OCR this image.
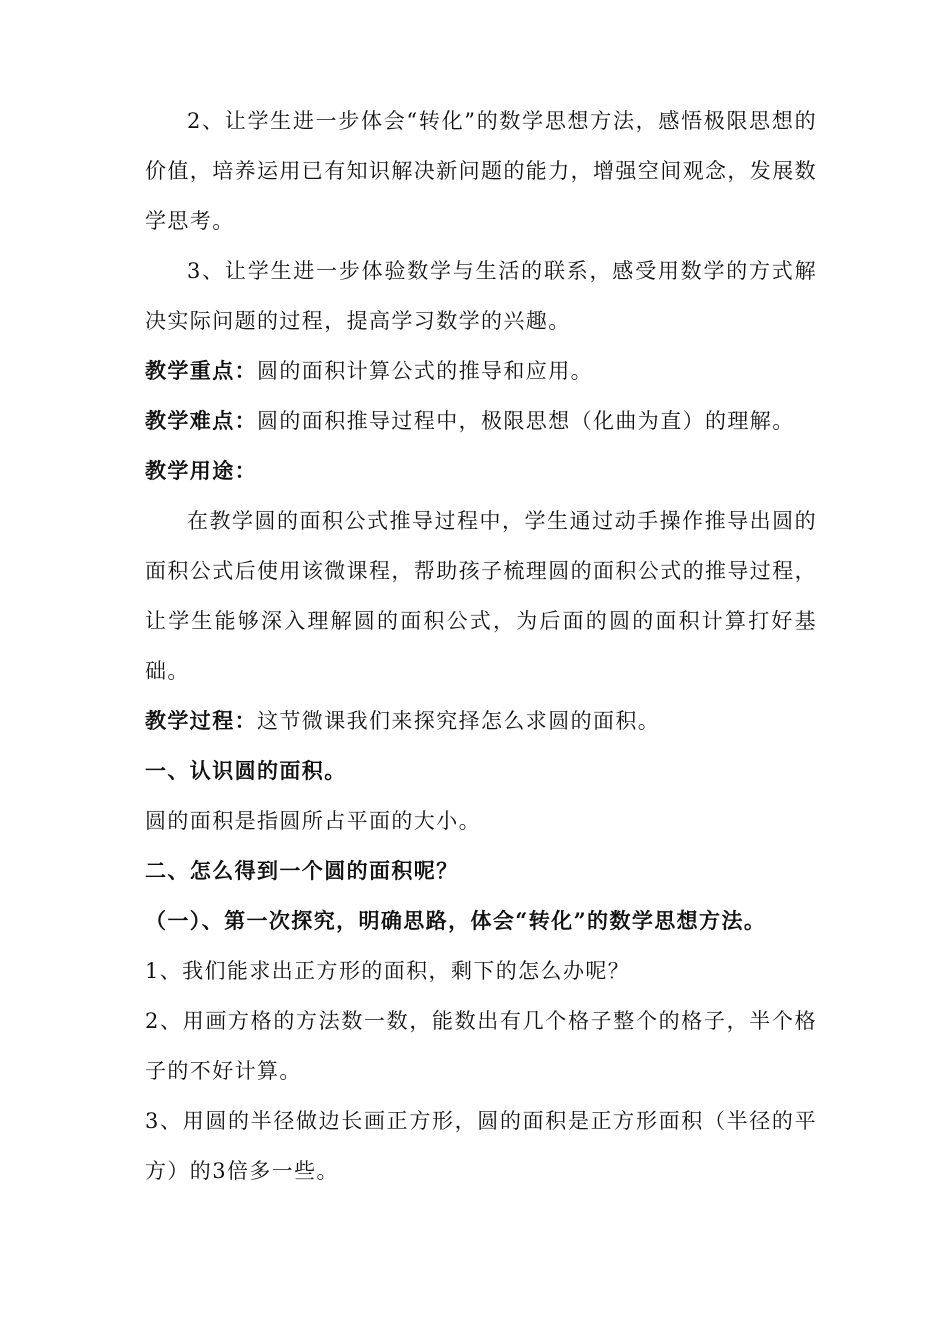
2、让学生进一步体会“转化”的数学思想方法，感悟极限思想的价值，培养运用已有知识解决新问题的能力，增强空间观念，发展数学思考。

3、让学生进一步体验数学与生活的联系，感受用数学的方式解决实际问题的过程，提高学习数学的兴趣。

教学重点：圆的面积计算公式的推导和应用。

教学难点：圆的面积推导过程中，极限思想（化曲为直）的理解。

教学用途：

在教学圆的面积公式推导过程中，学生通过动手操作推导出圆的面积公式后使用该微课程，帮助孩子梳理圆的面积公式的推导过程，让学生能够深入理解圆的面积公式，为后面的圆的面积计算打好基础。

教学过程：这节微课我们来探究择怎么求圆的面积。

一、认识圆的面积。

圆的面积是指圆所占平面的大小。

二、怎么得到一个圆的面积呢？

（一）、第一次探究，明确思路，体会“转化”的数学思想方法。

1、我们能求出正方形的面积，剩下的怎么办呢？

2、用画方格的方法数一数，能数出有几个格子整个的格子，半个格子的不好计算。

3、用圆的半径做边长画正方形，圆的面积是正方形面积（半径的平方）的3倍多一些。
